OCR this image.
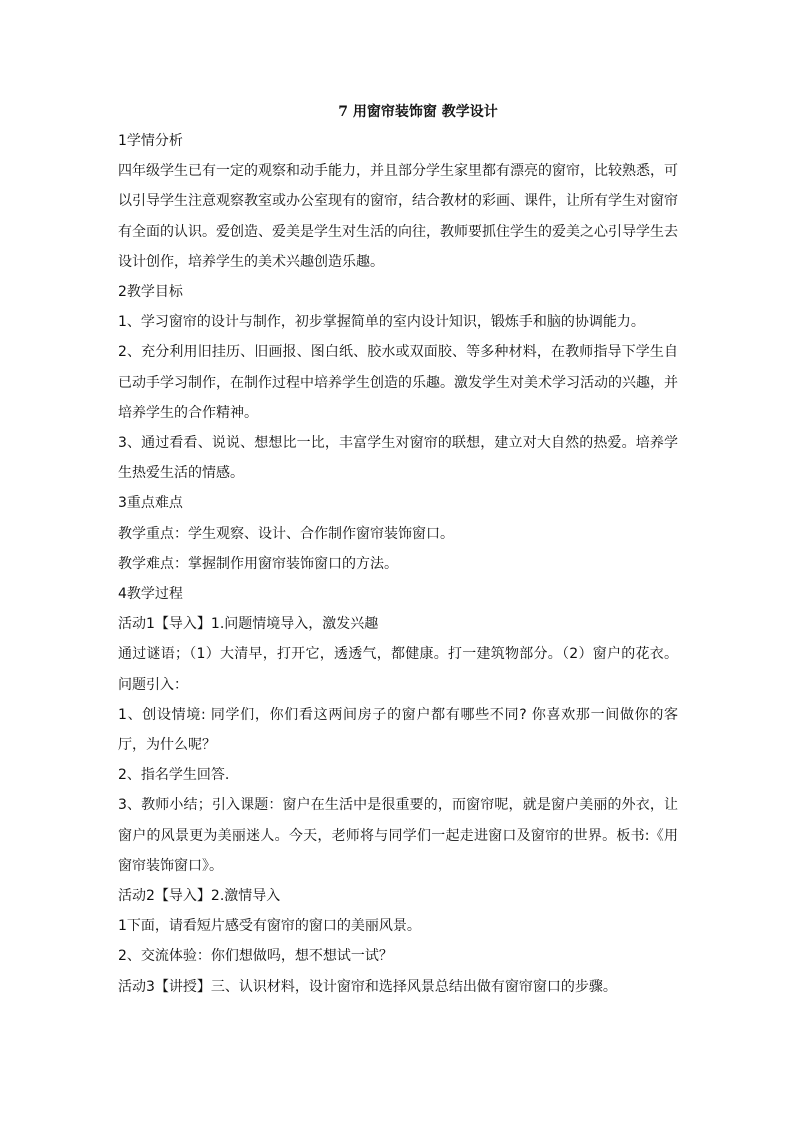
7 用窗帘装饰窗 教学设计

1学情分析

四年级学生已有一定的观察和动手能力，并且部分学生家里都有漂亮的窗帘，比较熟悉，可以引导学生注意观察教室或办公室现有的窗帘，结合教材的彩画、课件，让所有学生对窗帘有全面的认识。爱创造、爱美是学生对生活的向往，教师要抓住学生的爱美之心引导学生去设计创作，培养学生的美术兴趣创造乐趣。

2教学目标

1、学习窗帘的设计与制作，初步掌握简单的室内设计知识，锻炼手和脑的协调能力。

2、充分利用旧挂历、旧画报、图白纸、胶水或双面胶、等多种材料，在教师指导下学生自已动手学习制作，在制作过程中培养学生创造的乐趣。激发学生对美术学习活动的兴趣，并培养学生的合作精神。

3、通过看看、说说、想想比一比，丰富学生对窗帘的联想，建立对大自然的热爱。培养学生热爱生活的情感。

3重点难点

教学重点：学生观察、设计、合作制作窗帘装饰窗口。

教学难点：掌握制作用窗帘装饰窗口的方法。

4教学过程

活动1【导入】1.问题情境导入，激发兴趣

通过谜语；（1）大清早，打开它，透透气，都健康。打一建筑物部分。（2）窗户的花衣。问题引入：

1、创设情境: 同学们，你们看这两间房子的窗户都有哪些不同? 你喜欢那一间做你的客厅，为什么呢？

2、指名学生回答.

3、教师小结；引入课题：窗户在生活中是很重要的，而窗帘呢，就是窗户美丽的外衣，让窗户的风景更为美丽迷人。今天，老师将与同学们一起走进窗口及窗帘的世界。板书:《用窗帘装饰窗口》。

活动2【导入】2.激情导入

1下面，请看短片感受有窗帘的窗口的美丽风景。

2、交流体验：你们想做吗，想不想试一试？

活动3【讲授】三、认识材料，设计窗帘和选择风景总结出做有窗帘窗口的步骤。
